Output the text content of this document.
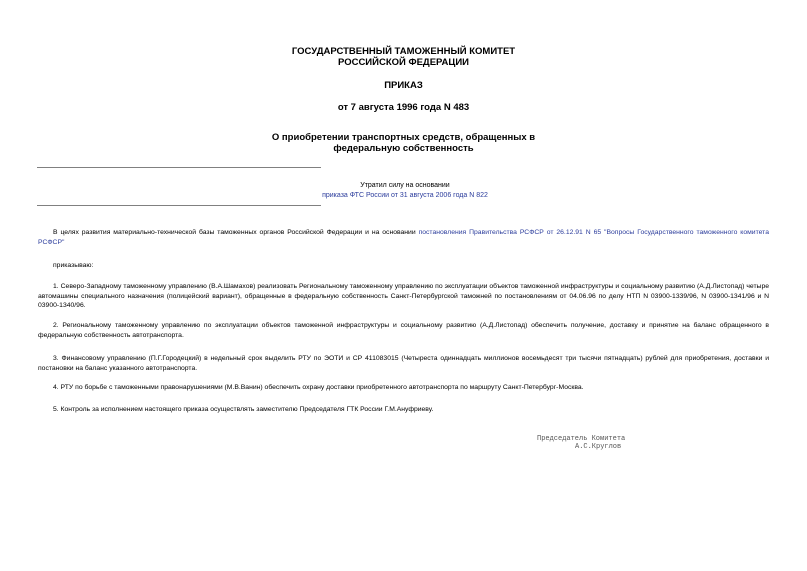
ГОСУДАРСТВЕННЫЙ ТАМОЖЕННЫЙ КОМИТЕТ
РОССИЙСКОЙ ФЕДЕРАЦИИ
ПРИКАЗ
от 7 августа 1996 года N 483
О приобретении транспортных средств, обращенных в
федеральную собственность
Утратил силу на основании
приказа ФТС России от 31 августа 2006 года N 822
В целях развития материально-технической базы таможенных органов Российской Федерации и на основании постановления Правительства РСФСР от 26.12.91 N 65 "Вопросы Государственного таможенного комитета РСФСР"
приказываю:
1. Северо-Западному таможенному управлению (В.А.Шамахов) реализовать Региональному таможенному управлению по эксплуатации объектов таможенной инфраструктуры и социальному развитию (А.Д.Листопад) четыре автомашины специального назначения (полицейский вариант), обращенные в федеральную собственность Санкт-Петербургской таможней по постановлениям от 04.06.96 по делу НТП N 03900-1339/96, N 03900-1341/96 и N 03900-1340/96.
2. Региональному таможенному управлению по эксплуатации объектов таможенной инфраструктуры и социальному развитию (А.Д.Листопад) обеспечить получение, доставку и принятие на баланс обращенного в федеральную собственность автотранспорта.
3. Финансовому управлению (П.Г.Городецкий) в недельный срок выделить РТУ по ЭОТИ и СР 411083015 (Четыреста одиннадцать миллионов восемьдесят три тысячи пятнадцать) рублей для приобретения, доставки и постановки на баланс указанного автотранспорта.
4. РТУ по борьбе с таможенными правонарушениями (М.В.Ванин) обеспечить охрану доставки приобретенного автотранспорта по маршруту Санкт-Петербург-Москва.
5. Контроль за исполнением настоящего приказа осуществлять заместителю Председателя ГТК России Г.М.Ануфриеву.
Председатель Комитета
А.С.Круглов
